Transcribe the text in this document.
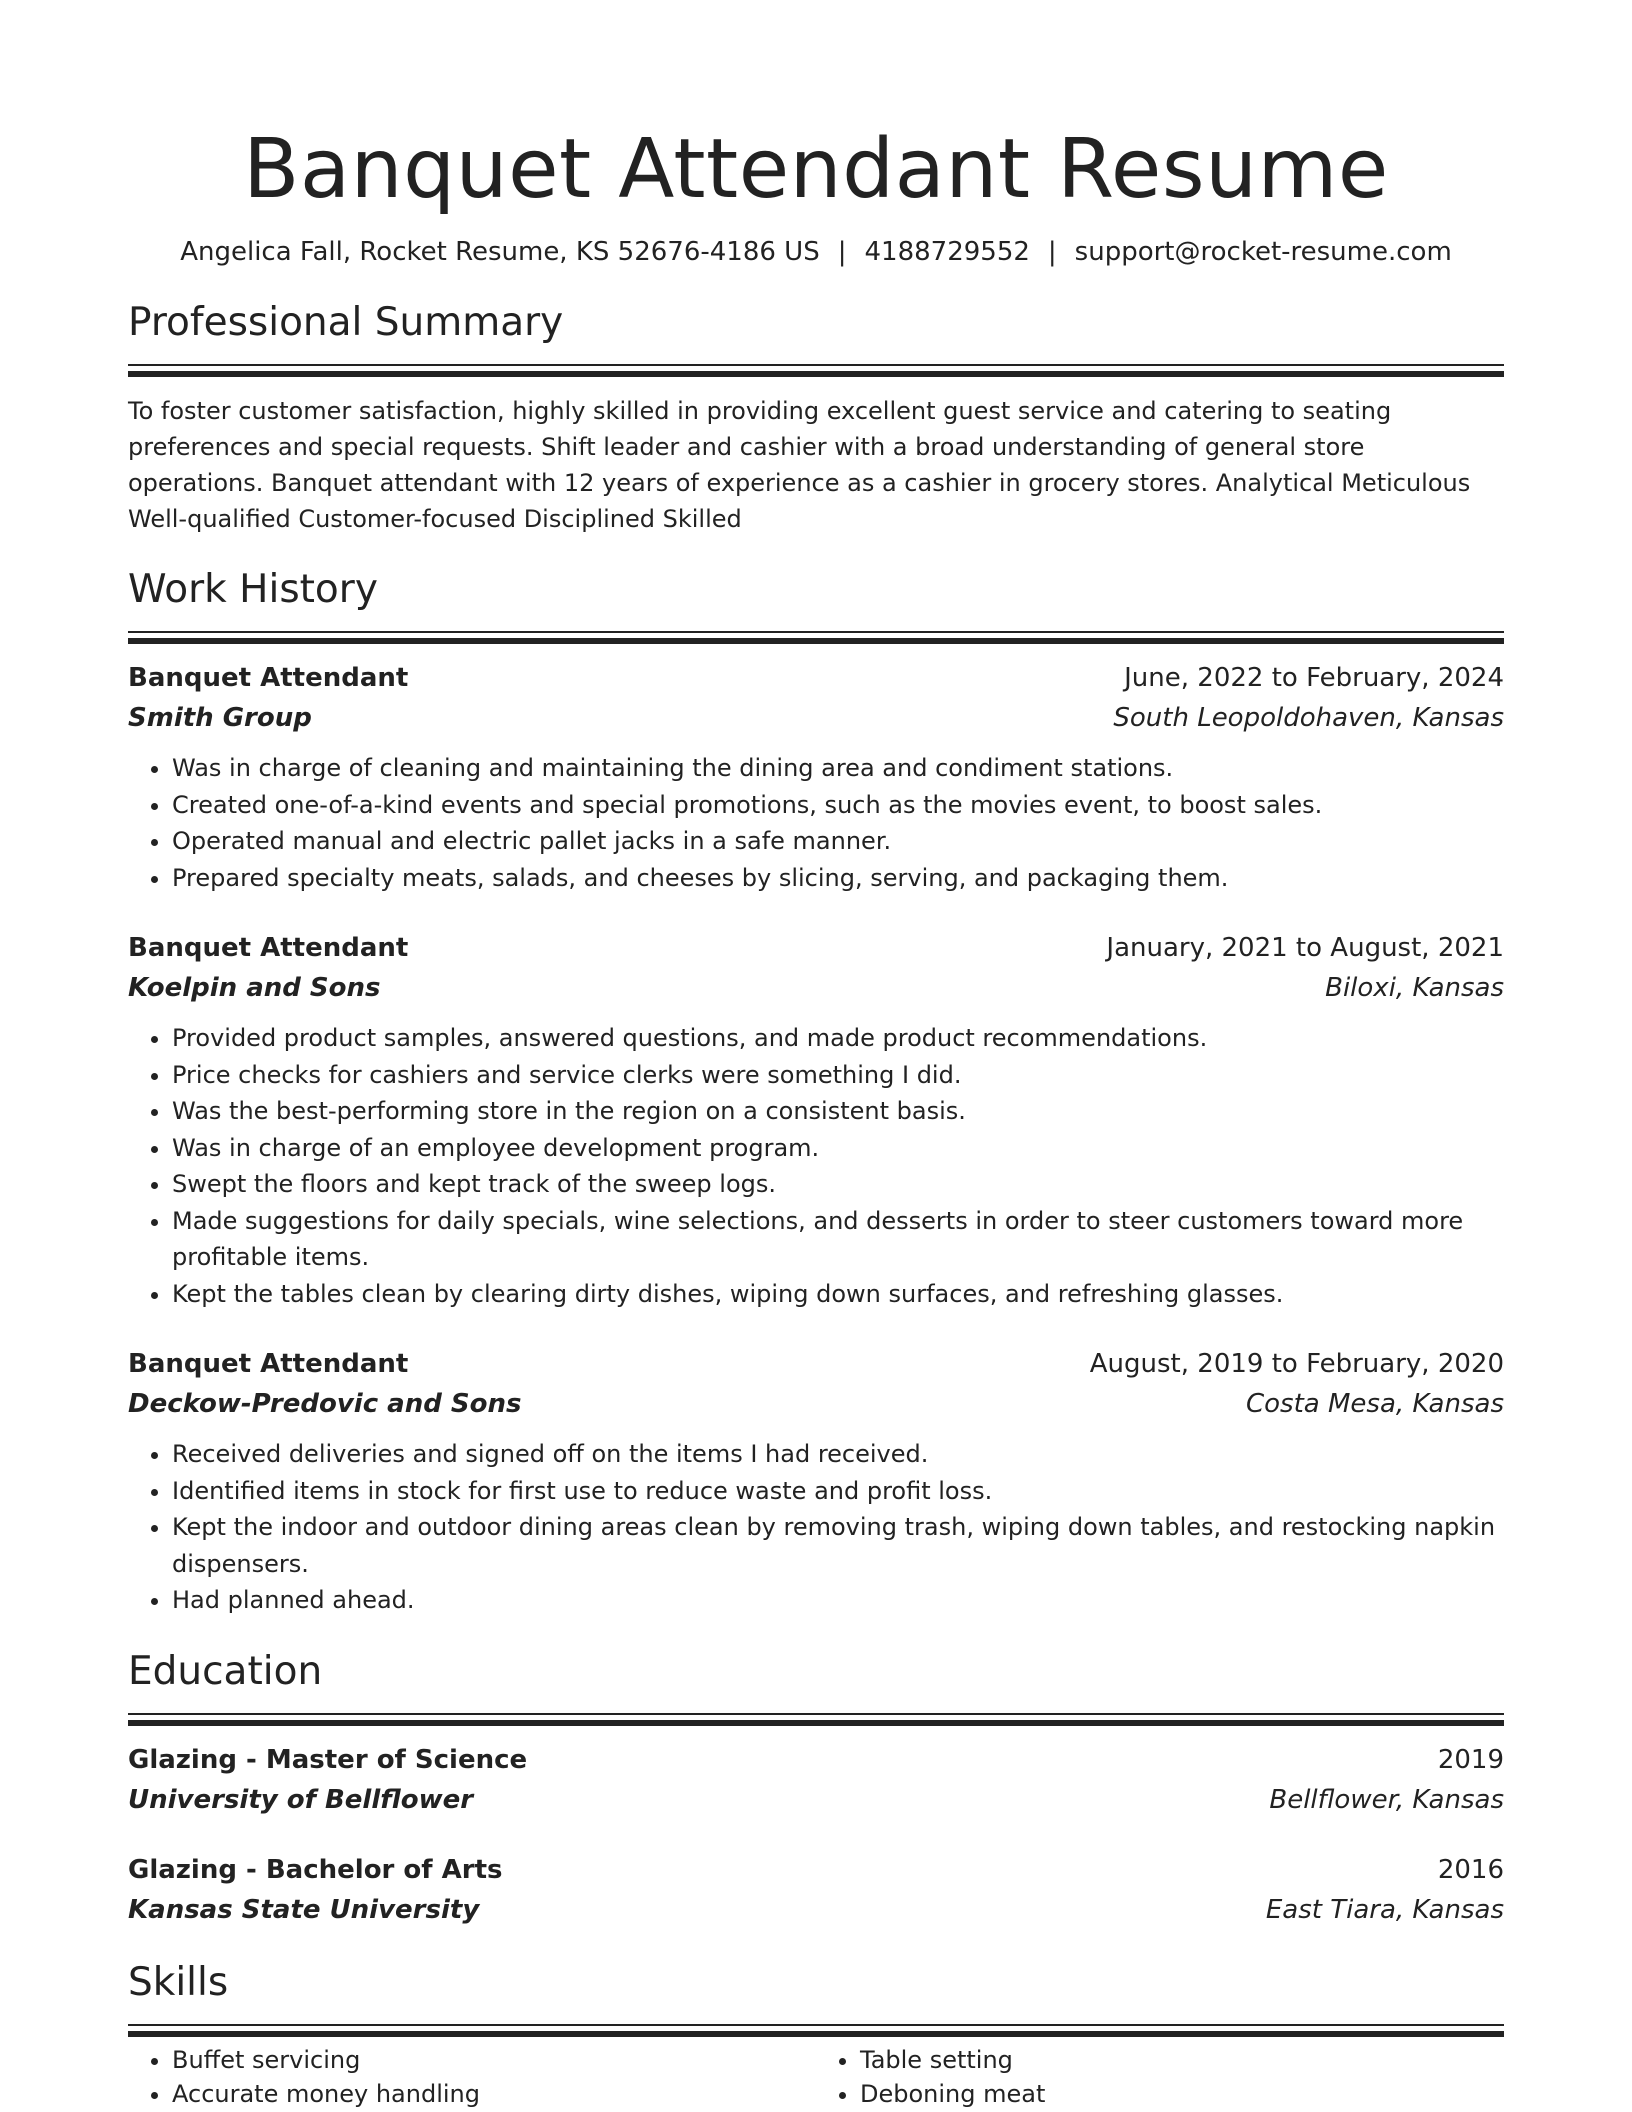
Banquet Attendant Resume
Angelica Fall, Rocket Resume, KS 52676-4186 US | 4188729552 | support@rocket-resume.com
Professional Summary

To foster customer satisfaction, highly skilled in providing excellent guest service and catering to seating preferences and special requests. Shift leader and cashier with a broad understanding of general store operations. Banquet attendant with 12 years of experience as a cashier in grocery stores. Analytical Meticulous Well-qualified Customer-focused Disciplined Skilled

Work History
Banquet Attendant	June, 2022 to February, 2024
Smith Group	South Leopoldohaven, Kansas
• Was in charge of cleaning and maintaining the dining area and condiment stations.
• Created one-of-a-kind events and special promotions, such as the movies event, to boost sales.
• Operated manual and electric pallet jacks in a safe manner.
• Prepared specialty meats, salads, and cheeses by slicing, serving, and packaging them.
Banquet Attendant	January, 2021 to August, 2021
Koelpin and Sons	Biloxi, Kansas
• Provided product samples, answered questions, and made product recommendations.
• Price checks for cashiers and service clerks were something I did.
• Was the best-performing store in the region on a consistent basis.
• Was in charge of an employee development program.
• Swept the floors and kept track of the sweep logs.
• Made suggestions for daily specials, wine selections, and desserts in order to steer customers toward more profitable items.
• Kept the tables clean by clearing dirty dishes, wiping down surfaces, and refreshing glasses.
Banquet Attendant	August, 2019 to February, 2020
Deckow-Predovic and Sons	Costa Mesa, Kansas
• Received deliveries and signed off on the items I had received.
• Identified items in stock for first use to reduce waste and profit loss.
• Kept the indoor and outdoor dining areas clean by removing trash, wiping down tables, and restocking napkin dispensers.
• Had planned ahead.
Education
Glazing - Master of Science	2019
University of Bellflower	Bellflower, Kansas
Glazing - Bachelor of Arts	2016
Kansas State University	East Tiara, Kansas
Skills
• Buffet servicing
• Accurate money handling
• Table setting
• Deboning meat
